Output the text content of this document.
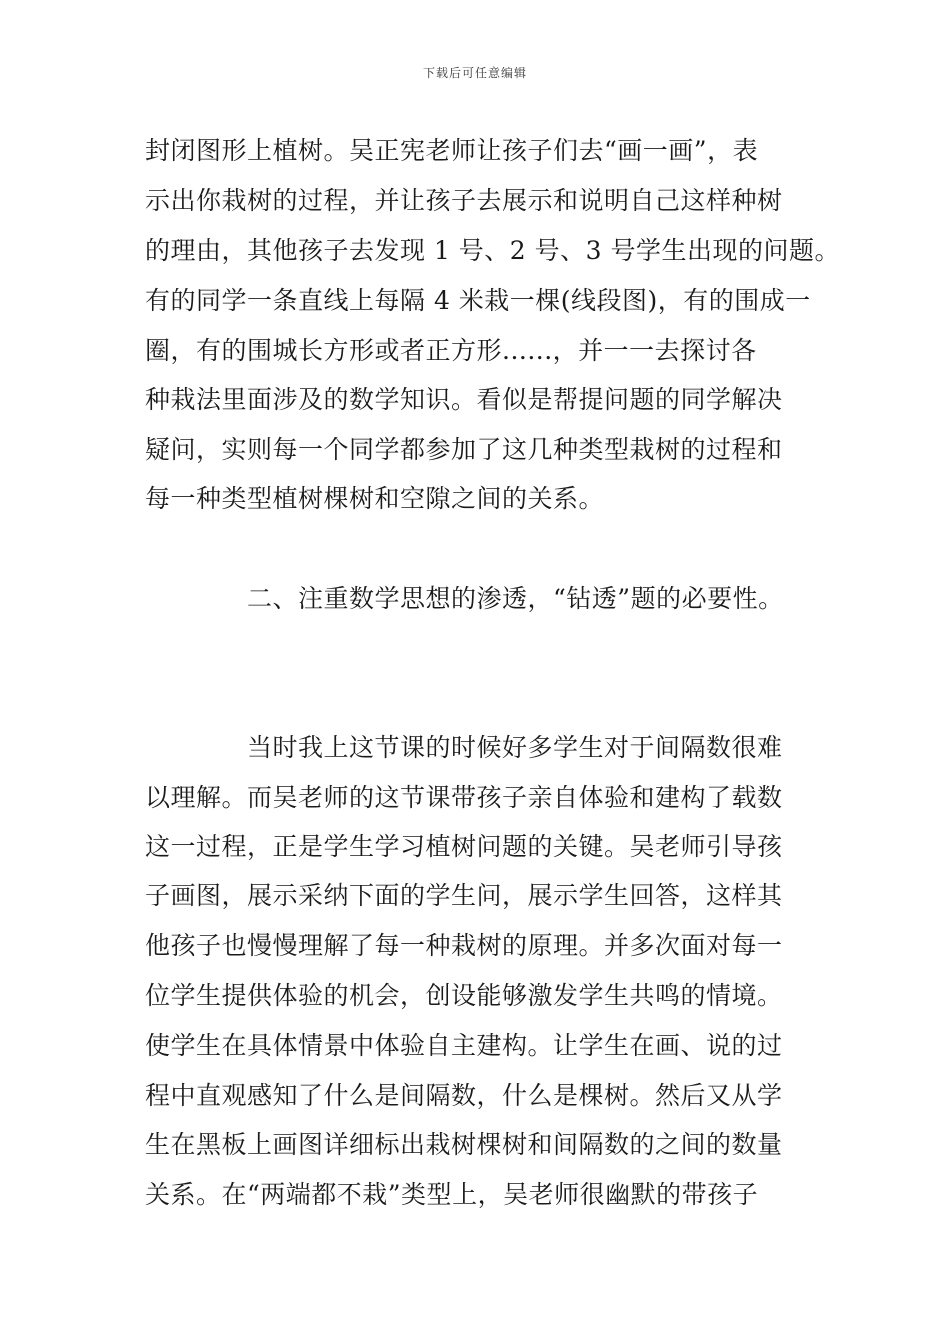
下载后可任意编辑
封闭图形上植树。吴正宪老师让孩子们去“画一画”，表
示出你栽树的过程，并让孩子去展示和说明自己这样种树
的理由，其他孩子去发现 1 号、2 号、3 号学生出现的问题。
有的同学一条直线上每隔 4 米栽一棵(线段图)，有的围成一
圈，有的围城长方形或者正方形......，并一一去探讨各
种栽法里面涉及的数学知识。看似是帮提问题的同学解决
疑问，实则每一个同学都参加了这几种类型栽树的过程和
每一种类型植树棵树和空隙之间的关系。
二、注重数学思想的渗透，“钻透”题的必要性。
当时我上这节课的时候好多学生对于间隔数很难
以理解。而吴老师的这节课带孩子亲自体验和建构了载数
这一过程，正是学生学习植树问题的关键。吴老师引导孩
子画图，展示采纳下面的学生问，展示学生回答，这样其
他孩子也慢慢理解了每一种栽树的原理。并多次面对每一
位学生提供体验的机会，创设能够激发学生共鸣的情境。
使学生在具体情景中体验自主建构。让学生在画、说的过
程中直观感知了什么是间隔数，什么是棵树。然后又从学
生在黑板上画图详细标出栽树棵树和间隔数的之间的数量
关系。在“两端都不栽”类型上，吴老师很幽默的带孩子
